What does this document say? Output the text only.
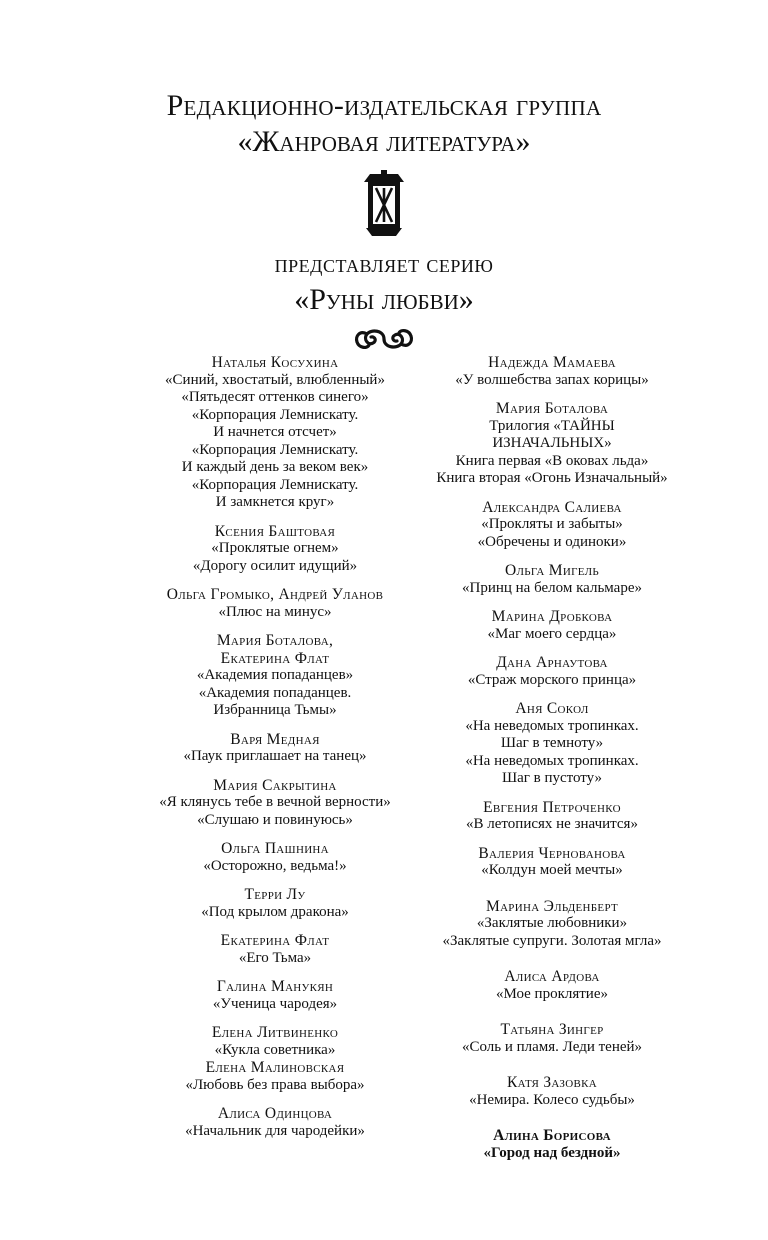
Редакционно-издательская группа
«Жанровая литература»
представляет серию
«Руны любви»
Наталья Косухина
«Синий, хвостатый, влюбленный»
«Пятьдесят оттенков синего»
«Корпорация Лемнискату.
И начнется отсчет»
«Корпорация Лемнискату.
И каждый день за веком век»
«Корпорация Лемнискату.
И замкнется круг»
Ксения Баштовая
«Проклятые огнем»
«Дорогу осилит идущий»
Ольга Громыко, Андрей Уланов
«Плюс на минус»
Мария Боталова,
Екатерина Флат
«Академия попаданцев»
«Академия попаданцев.
Избранница Тьмы»
Варя Медная
«Паук приглашает на танец»
Мария Сакрытина
«Я клянусь тебе в вечной верности»
«Слушаю и повинуюсь»
Ольга Пашнина
«Осторожно, ведьма!»
Терри Лу
«Под крылом дракона»
Екатерина Флат
«Его Тьма»
Галина Манукян
«Ученица чародея»
Елена Литвиненко
«Кукла советника»
Елена Малиновская
«Любовь без права выбора»
Алиса Одинцова
«Начальник для чародейки»
Надежда Мамаева
«У волшебства запах корицы»
Мария Боталова
Трилогия «ТАЙНЫ
ИЗНАЧАЛЬНЫХ»
Книга первая «В оковах льда»
Книга вторая «Огонь Изначальный»
Александра Салиева
«Прокляты и забыты»
«Обречены и одиноки»
Ольга Мигель
«Принц на белом кальмаре»
Марина Дробкова
«Маг моего сердца»
Дана Арнаутова
«Страж морского принца»
Аня Сокол
«На неведомых тропинках.
Шаг в темноту»
«На неведомых тропинках.
Шаг в пустоту»
Евгения Петроченко
«В летописях не значится»
Валерия Чернованова
«Колдун моей мечты»
Марина Эльденберт
«Заклятые любовники»
«Заклятые супруги. Золотая мгла»
Алиса Ардова
«Мое проклятие»
Татьяна Зингер
«Соль и пламя. Леди теней»
Катя Зазовка
«Немира. Колесо судьбы»
Алина Борисова
«Город над бездной»
